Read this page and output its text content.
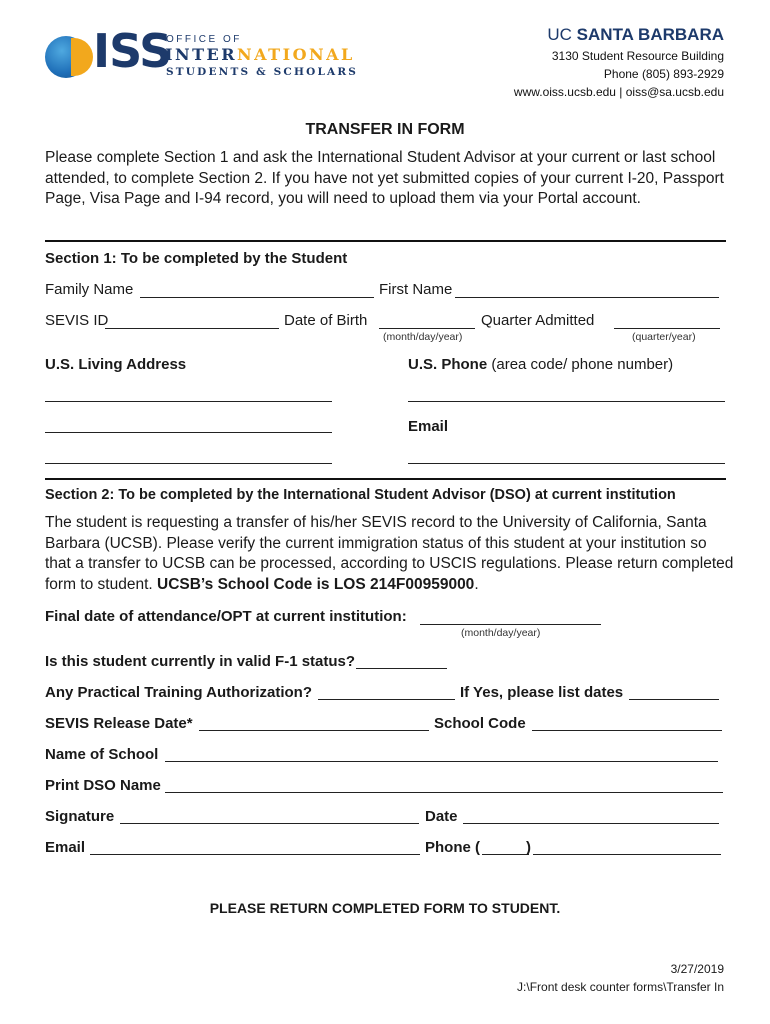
ISS
OFFICE OF
INTERNATIONAL
STUDENTS & SCHOLARS
UC SANTA BARBARA
3130 Student Resource Building
Phone (805) 893-2929
www.oiss.ucsb.edu | oiss@sa.ucsb.edu
TRANSFER IN FORM
Please complete Section 1 and ask the International Student Advisor at your current or last school attended, to complete Section 2. If you have not yet submitted copies of your current I-20, Passport Page, Visa Page and I-94 record, you will need to upload them via your Portal account.
Section 1: To be completed by the Student
Family Name	First Name
SEVIS ID	Date of Birth	Quarter Admitted
(month/day/year)	(quarter/year)
U.S. Living Address	U.S. Phone (area code/ phone number)
Email
Section 2: To be completed by the International Student Advisor (DSO) at current institution
The student is requesting a transfer of his/her SEVIS record to the University of California, Santa Barbara (UCSB). Please verify the current immigration status of this student at your institution so that a transfer to UCSB can be processed, according to USCIS regulations. Please return completed form to student. UCSB’s School Code is LOS 214F00959000.
Final date of attendance/OPT at current institution:
(month/day/year)
Is this student currently in valid F-1 status?
Any Practical Training Authorization?	If Yes, please list dates
SEVIS Release Date*	School Code
Name of School
Print DSO Name
Signature	Date
Email	Phone (	)
PLEASE RETURN COMPLETED FORM TO STUDENT.
3/27/2019
J:\Front desk counter forms\Transfer In
